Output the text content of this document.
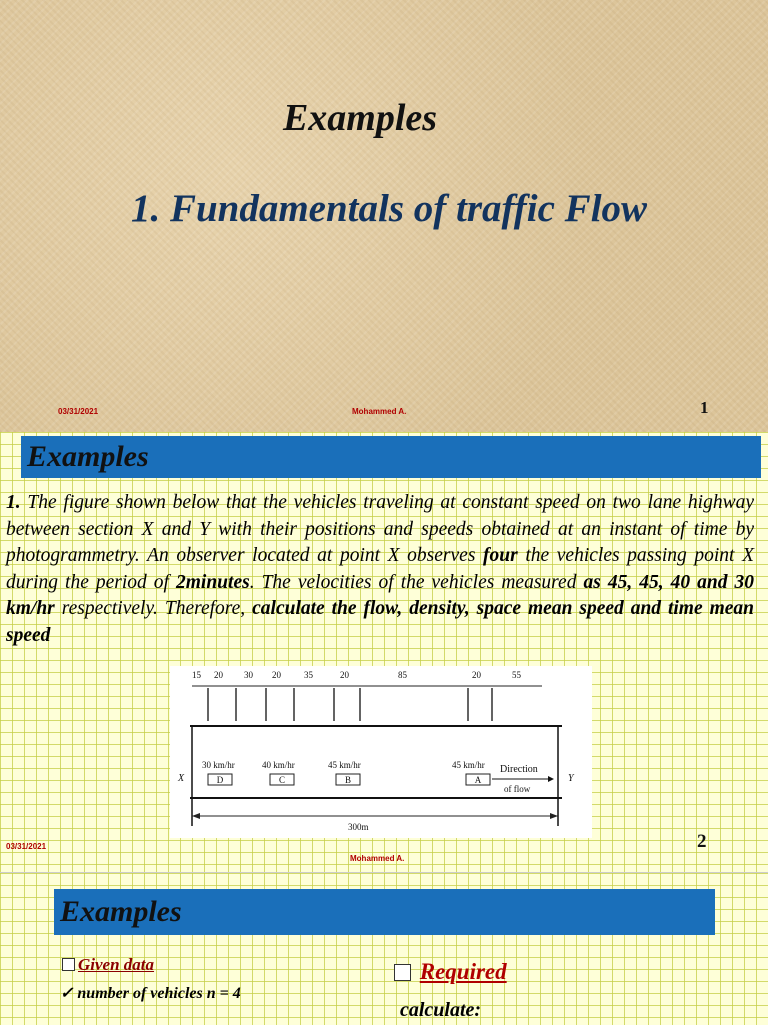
Examples
1. Fundamentals of traffic Flow
03/31/2021	Mohammed A.	1
Examples
1. The figure shown below that the vehicles traveling at constant speed on two lane highway between section X and Y with their positions and speeds obtained at an instant of time by photogrammetry. An observer located at point X observes four the vehicles passing point X during the period of 2minutes. The velocities of the vehicles measured as 45, 45, 40 and 30 km/hr respectively. Therefore, calculate the flow, density, space mean speed and time mean speed
15 20 30 20	35	20	85	20	55
X	Y
30 km/hr	40 km/hr	45 km/hr	45 km/hr
D	C	B	A
Direction
of flow
300m
03/31/2021
Mohammed A.
2
Examples
Given data
✓ number of vehicles n = 4
Required
calculate:
